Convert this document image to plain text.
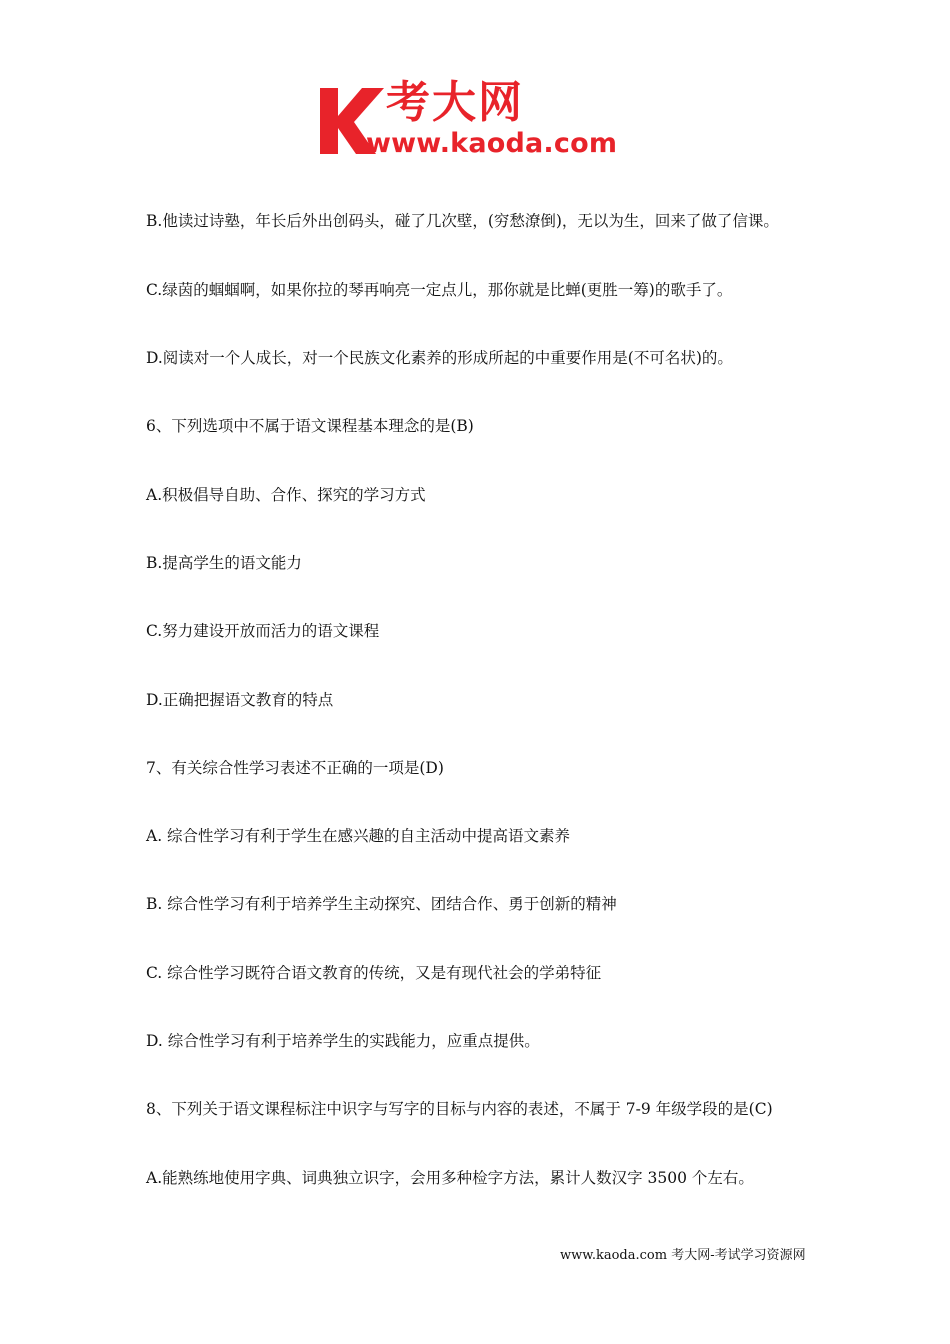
考大网
www.kaoda.com
B.他读过诗塾，年长后外出创码头，碰了几次壁，(穷愁潦倒)，无以为生，回来了做了信课。
C.绿茵的蝈蝈啊，如果你拉的琴再响亮一定点儿，那你就是比蝉(更胜一筹)的歌手了。
D.阅读对一个人成长，对一个民族文化素养的形成所起的中重要作用是(不可名状)的。
6、下列选项中不属于语文课程基本理念的是(B)
A.积极倡导自助、合作、探究的学习方式
B.提高学生的语文能力
C.努力建设开放而活力的语文课程
D.正确把握语文教育的特点
7、有关综合性学习表述不正确的一项是(D)
A. 综合性学习有利于学生在感兴趣的自主活动中提高语文素养
B. 综合性学习有利于培养学生主动探究、团结合作、勇于创新的精神
C. 综合性学习既符合语文教育的传统，又是有现代社会的学弟特征
D. 综合性学习有利于培养学生的实践能力，应重点提供。
8、下列关于语文课程标注中识字与写字的目标与内容的表述，不属于 7-9 年级学段的是(C)
A.能熟练地使用字典、词典独立识字，会用多种检字方法，累计人数汉字 3500 个左右。
www.kaoda.com 考大网-考试学习资源网
